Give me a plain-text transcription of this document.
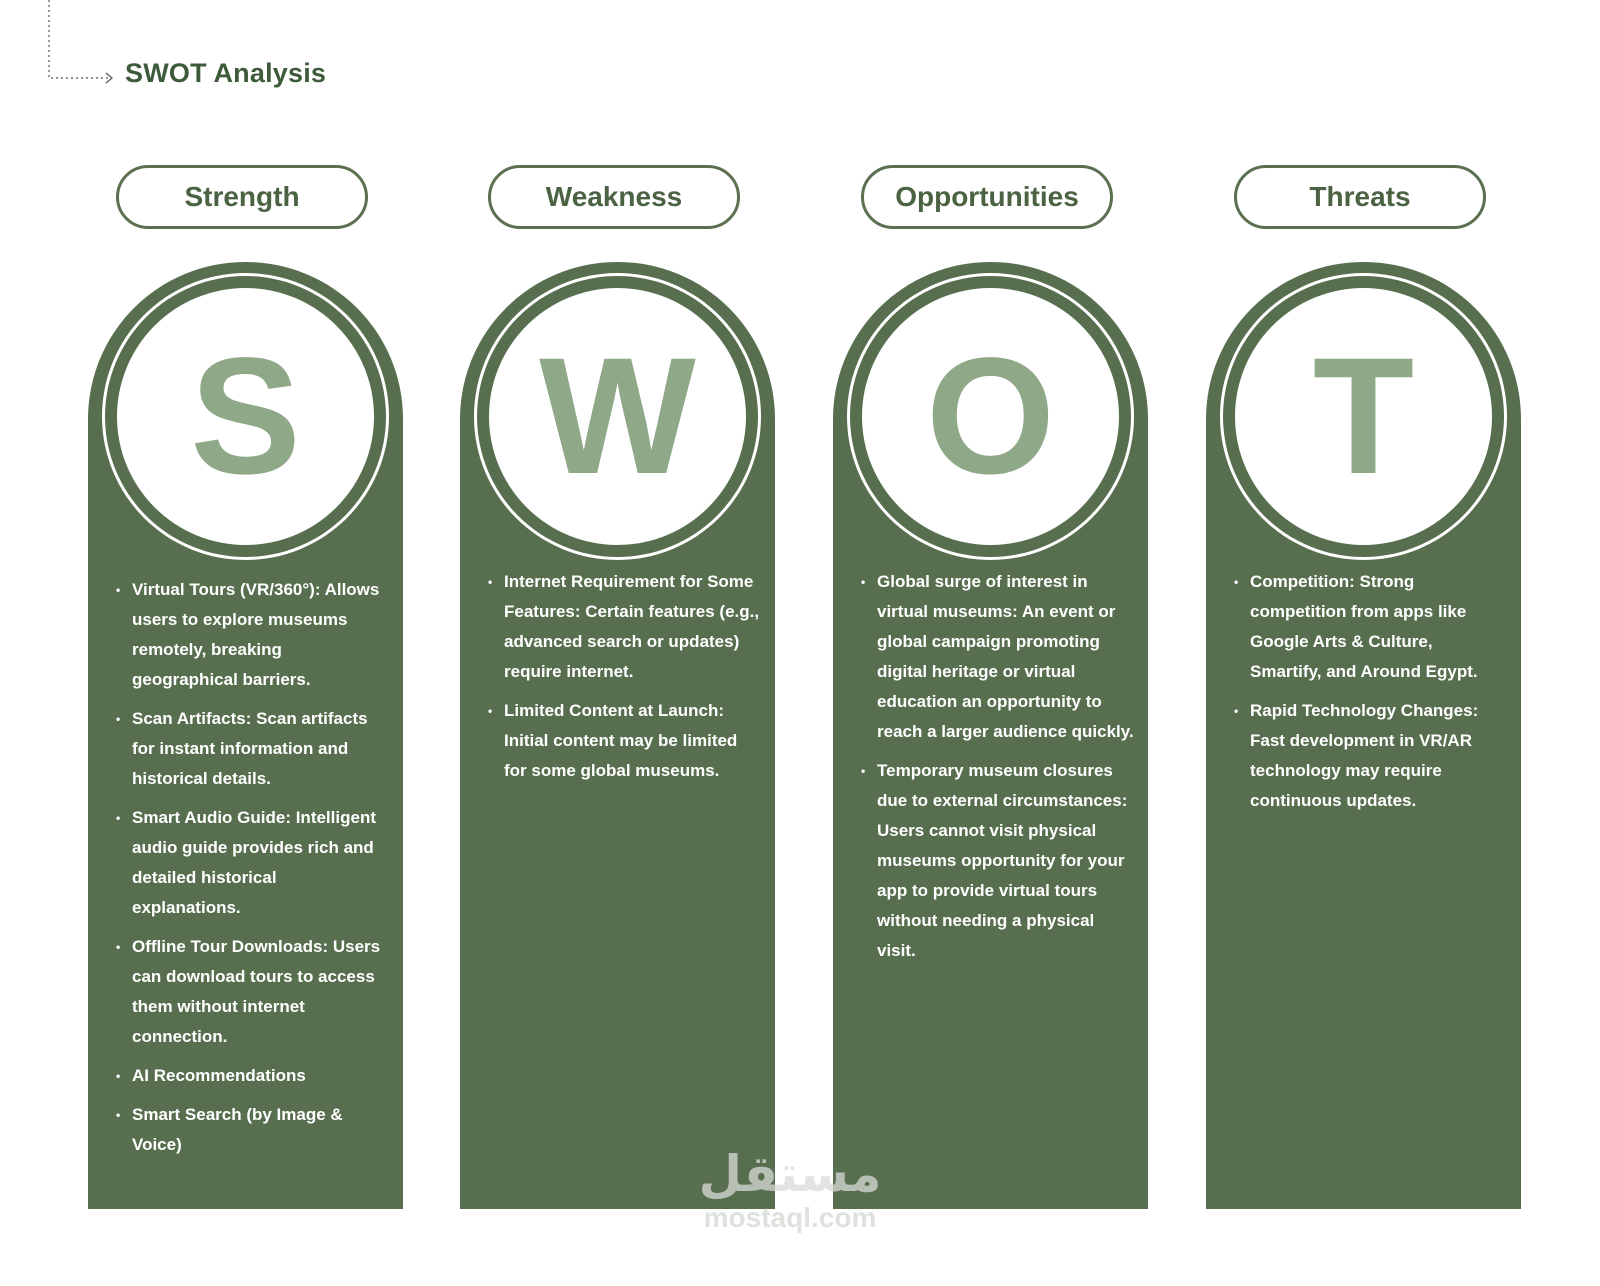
SWOT Analysis
Strength
S
• Virtual Tours (VR/360°): Allows users to explore museums remotely, breaking geographical barriers.
• Scan Artifacts: Scan artifacts for instant information and historical details.
• Smart Audio Guide: Intelligent audio guide provides rich and detailed historical explanations.
• Offline Tour Downloads: Users can download tours to access them without internet connection.
• AI Recommendations
• Smart Search (by Image & Voice)
Weakness
W
• Internet Requirement for Some Features: Certain features (e.g., advanced search or updates) require internet.
• Limited Content at Launch: Initial content may be limited for some global museums.
Opportunities
O
• Global surge of interest in virtual museums: An event or global campaign promoting digital heritage or virtual education an opportunity to reach a larger audience quickly.
• Temporary museum closures due to external circumstances: Users cannot visit physical museums opportunity for your app to provide virtual tours without needing a physical visit.
Threats
T
• Competition: Strong competition from apps like Google Arts & Culture, Smartify, and Around Egypt.
• Rapid Technology Changes: Fast development in VR/AR technology may require continuous updates.
مستقل
mostaql.com
